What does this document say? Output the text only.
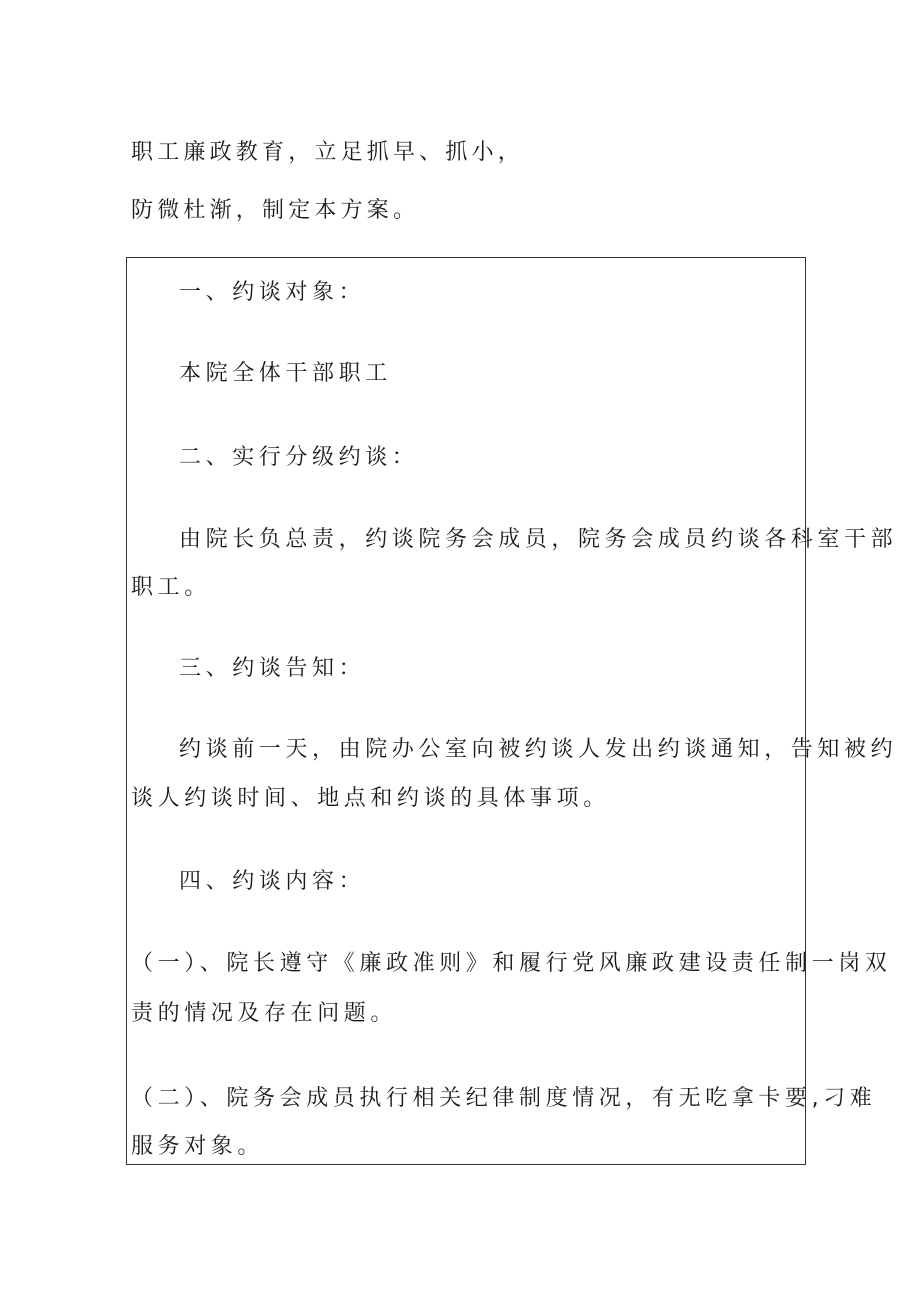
职工廉政教育，立足抓早、抓小，
防微杜渐，制定本方案。
一、约谈对象：
本院全体干部职工
二、实行分级约谈：
由院长负总责，约谈院务会成员，院务会成员约谈各科室干部
职工。
三、约谈告知：
约谈前一天，由院办公室向被约谈人发出约谈通知，告知被约
谈人约谈时间、地点和约谈的具体事项。
四、约谈内容：
（一）、院长遵守《廉政准则》和履行党风廉政建设责任制一岗双
责的情况及存在问题。
（二）、院务会成员执行相关纪律制度情况，有无吃拿卡要,刁难
服务对象。
